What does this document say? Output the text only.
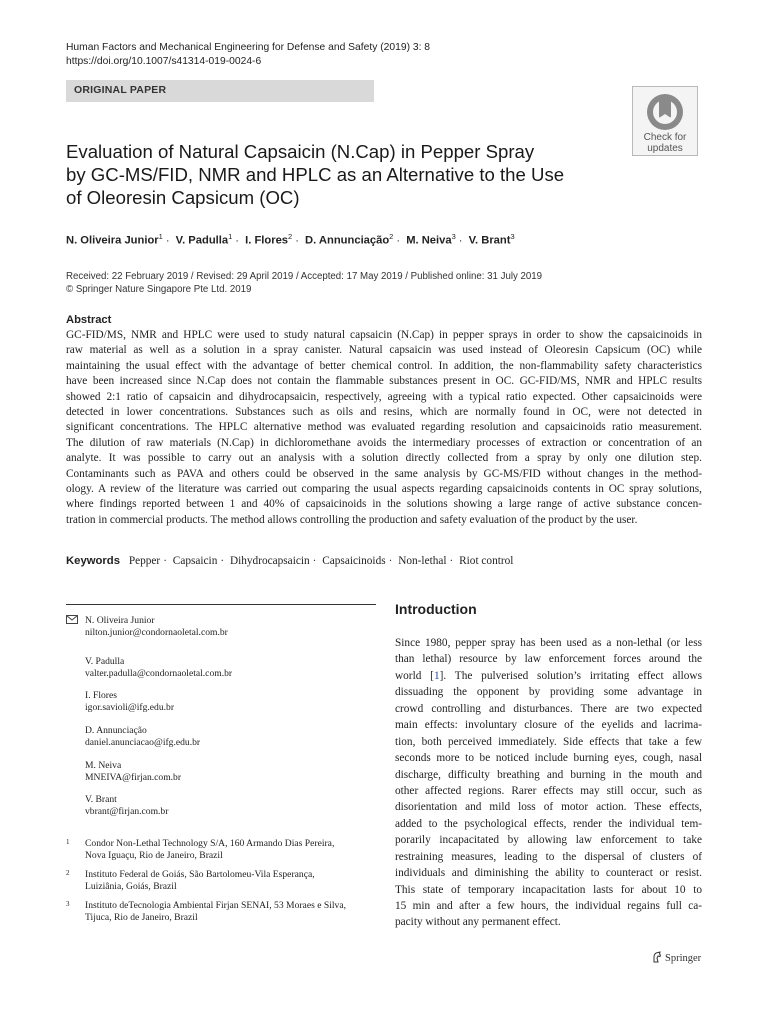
Human Factors and Mechanical Engineering for Defense and Safety (2019) 3: 8
https://doi.org/10.1007/s41314-019-0024-6
ORIGINAL PAPER
Check for
updates
Evaluation of Natural Capsaicin (N.Cap) in Pepper Spray
by GC-MS/FID, NMR and HPLC as an Alternative to the Use
of Oleoresin Capsicum (OC)
N. Oliveira Junior$^1$ · V. Padulla$^1$ · I. Flores$^2$ · D. Annunciação$^2$ · M. Neiva$^3$ · V. Brant$^3$
Received: 22 February 2019 / Revised: 29 April 2019 / Accepted: 17 May 2019 / Published online: 31 July 2019
© Springer Nature Singapore Pte Ltd. 2019
Abstract
GC-FID/MS, NMR and HPLC were used to study natural capsaicin (N.Cap) in pepper sprays in order to show the capsaicinoids in
raw material as well as a solution in a spray canister. Natural capsaicin was used instead of Oleoresin Capsicum (OC) while
maintaining the usual effect with the advantage of better chemical control. In addition, the non-flammability safety characteristics
have been increased since N.Cap does not contain the flammable substances present in OC. GC-FID/MS, NMR and HPLC results
showed 2:1 ratio of capsaicin and dihydrocapsaicin, respectively, agreeing with a typical ratio expected. Other capsaicinoids were
detected in lower concentrations. Substances such as oils and resins, which are normally found in OC, were not detected in
significant concentrations. The HPLC alternative method was evaluated regarding resolution and capsaicinoids ratio measurement.
The dilution of raw materials (N.Cap) in dichloromethane avoids the intermediary processes of extraction or concentration of an
analyte. It was possible to carry out an analysis with a solution directly collected from a spray by only one dilution step.
Contaminants such as PAVA and others could be observed in the same analysis by GC-MS/FID without changes in the method-
ology. A review of the literature was carried out comparing the usual aspects regarding capsaicinoids contents in OC spray solutions,
where findings reported between 1 and 40% of capsaicinoids in the solutions showing a large range of active substance concen-
tration in commercial products. The method allows controlling the production and safety evaluation of the product by the user.
Keywords Pepper · Capsaicin · Dihydrocapsaicin · Capsaicinoids · Non-lethal · Riot control
N. Oliveira Junior
nilton.junior@condornaoletal.com.br
V. Padulla
valter.padulla@condornaoletal.com.br
I. Flores
igor.savioli@ifg.edu.br
D. Annunciação
daniel.anunciacao@ifg.edu.br
M. Neiva
MNEIVA@firjan.com.br
V. Brant
vbrant@firjan.com.br
1 Condor Non-Lethal Technology S/A, 160 Armando Dias Pereira,
Nova Iguaçu, Rio de Janeiro, Brazil
2 Instituto Federal de Goiás, São Bartolomeu-Vila Esperança,
Luiziânia, Goiás, Brazil
3 Instituto deTecnologia Ambiental Firjan SENAI, 53 Moraes e Silva,
Tijuca, Rio de Janeiro, Brazil
Introduction
Since 1980, pepper spray has been used as a non-lethal (or less
than lethal) resource by law enforcement forces around the
world [1]. The pulverised solution’s irritating effect allows
dissuading the opponent by providing some advantage in
crowd controlling and disturbances. There are two expected
main effects: involuntary closure of the eyelids and lacrima-
tion, both perceived immediately. Side effects that take a few
seconds more to be noticed include burning eyes, cough, nasal
discharge, difficulty breathing and burning in the mouth and
other affected regions. Rarer effects may still occur, such as
disorientation and mild loss of motor action. These effects,
added to the psychological effects, render the individual tem-
porarily incapacitated by allowing law enforcement to take
restraining measures, leading to the dispersal of clusters of
individuals and diminishing the ability to counteract or resist.
This state of temporary incapacitation lasts for about 10 to
15 min and after a few hours, the individual regains full ca-
pacity without any permanent effect.
Springer
